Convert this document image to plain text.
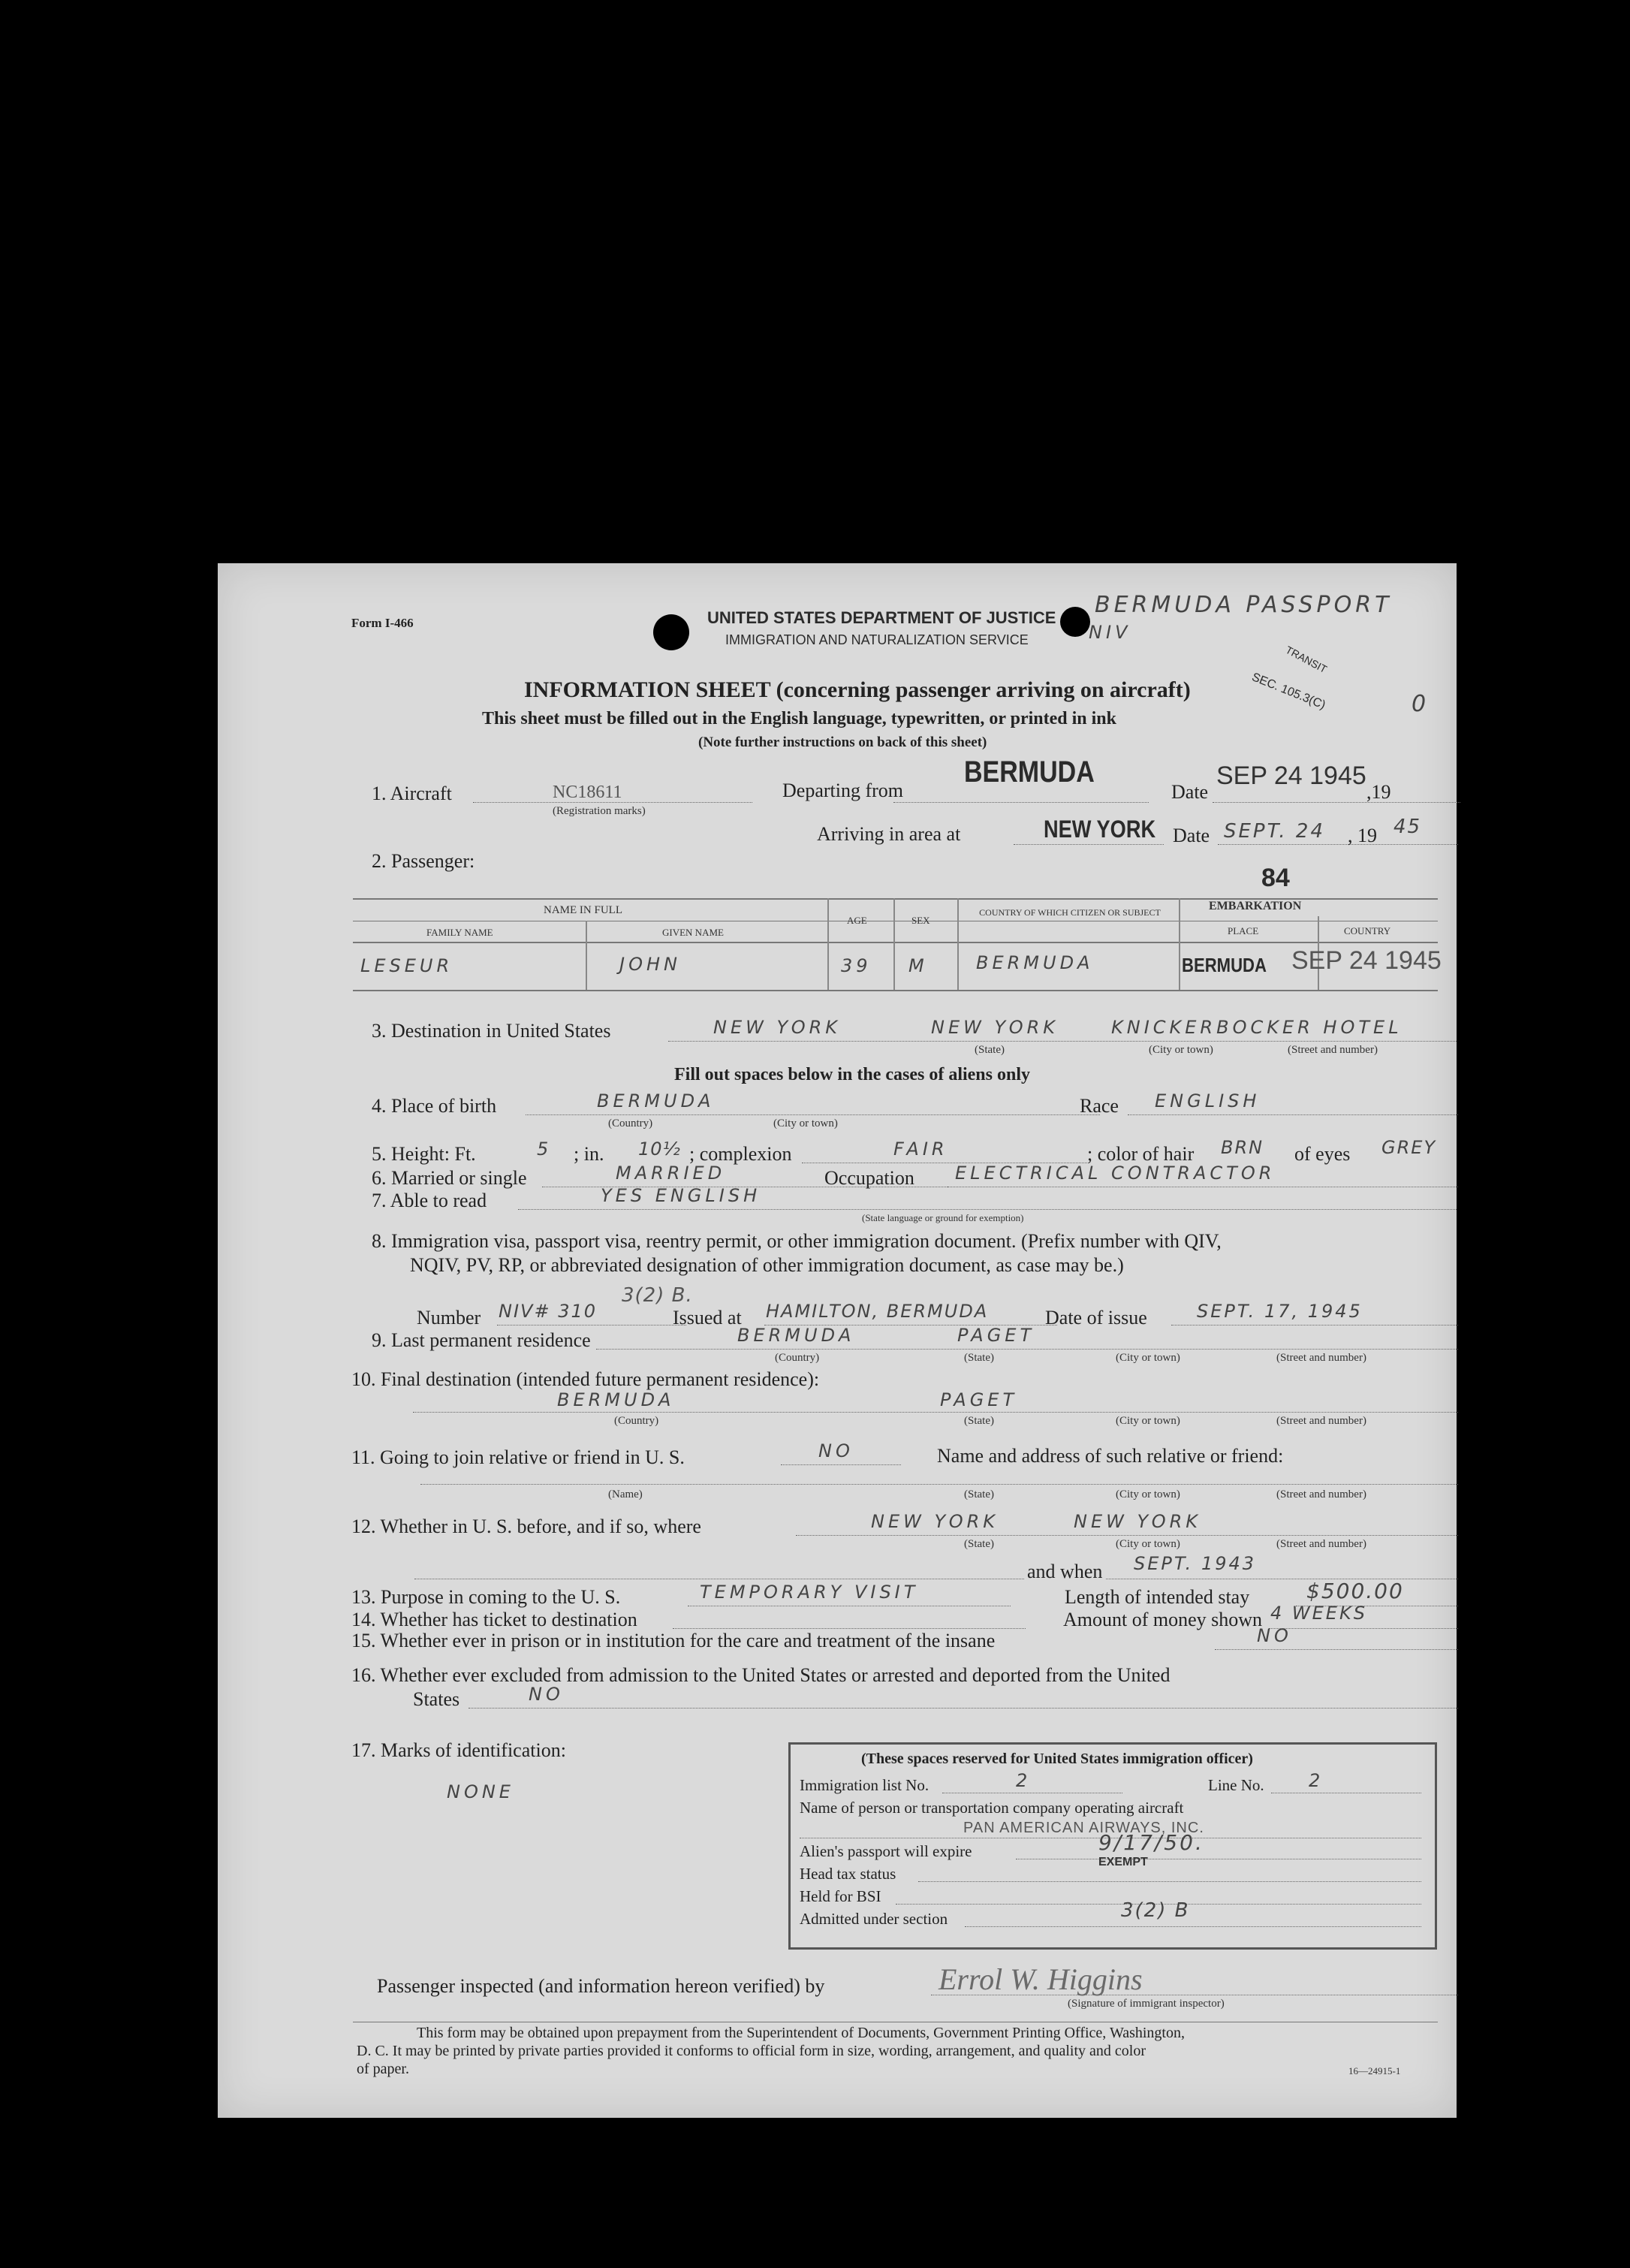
Form I-466	UNITED STATES DEPARTMENT OF JUSTICE
IMMIGRATION AND NATURALIZATION SERVICE
BERMUDA PASSPORT
NIV
TRANSIT
SEC. 105.3(C)	0
INFORMATION SHEET (concerning passenger arriving on aircraft)
This sheet must be filled out in the English language, typewritten, or printed in ink
(Note further instructions on back of this sheet)
1. Aircraft	NC18611
(Registration marks)
Departing from
BERMUDA
Date
SEP 24 1945
,19
Arriving in area at	NEW YORK Date SEPT. 24 , 19 45
2. Passenger:
84
NAME IN FULL
FAMILY NAME	GIVEN NAME
AGE	SEX
COUNTRY OF WHICH CITIZEN OR SUBJECT	EMBARKATION
PLACE	COUNTRY
LESEUR	JOHN	39 M	BERMUDA	BERMUDA SEP 24 1945
3. Destination in United States	NEW YORK	NEW YORK	KNICKERBOCKER HOTEL
(State)	(City or town)	(Street and number)
Fill out spaces below in the cases of aliens only
4. Place of birth	BERMUDA
(Country)	(City or town)
Race ENGLISH
5. Height: Ft.	5 ; in. 10½ ; complexion	FAIR	; color of hair BRN of eyes GREY
6. Married or single	MARRIED	Occupation ELECTRICAL CONTRACTOR
7. Able to read	YES ENGLISH
(State language or ground for exemption)
8. Immigration visa, passport visa, reentry permit, or other immigration document. (Prefix number with QIV,
NQIV, PV, RP, or abbreviated designation of other immigration document, as case may be.)
Number NIV# 310
3(2) B.
Issued at HAMILTON, BERMUDA	Date of issue	SEPT. 17, 1945
9. Last permanent residence	BERMUDA	PAGET
(Country)	(State)	(City or town)	(Street and number)
10. Final destination (intended future permanent residence):
BERMUDA	PAGET
(Country)	(State)	(City or town)	(Street and number)
11. Going to join relative or friend in U. S.	NO	Name and address of such relative or friend:
(Name)	(State)	(City or town)	(Street and number)
12. Whether in U. S. before, and if so, where	NEW YORK	NEW YORK
(State)	(City or town)	(Street and number)
and when SEPT. 1943
13. Purpose in coming to the U. S.	TEMPORARY VISIT	Length of intended stay	$500.00
14. Whether has ticket to destination	Amount of money shown 4 WEEKS
15. Whether ever in prison or in institution for the care and treatment of the insane	NO
16. Whether ever excluded from admission to the United States or arrested and deported from the United
States	NO
17. Marks of identification:
NONE
(These spaces reserved for United States immigration officer)
Immigration list No.	2	Line No. 2
Name of person or transportation company operating aircraft
PAN AMERICAN AIRWAYS, INC.
Alien's passport will expire	9/17/50.
Head tax status
EXEMPT
Held for BSI
Admitted under section	3(2) B
Passenger inspected (and information hereon verified) by	Errol W. Higgins
(Signature of immigrant inspector)
This form may be obtained upon prepayment from the Superintendent of Documents, Government Printing Office, Washington,
D. C. It may be printed by private parties provided it conforms to official form in size, wording, arrangement, and quality and color
of paper.	16—24915-1
